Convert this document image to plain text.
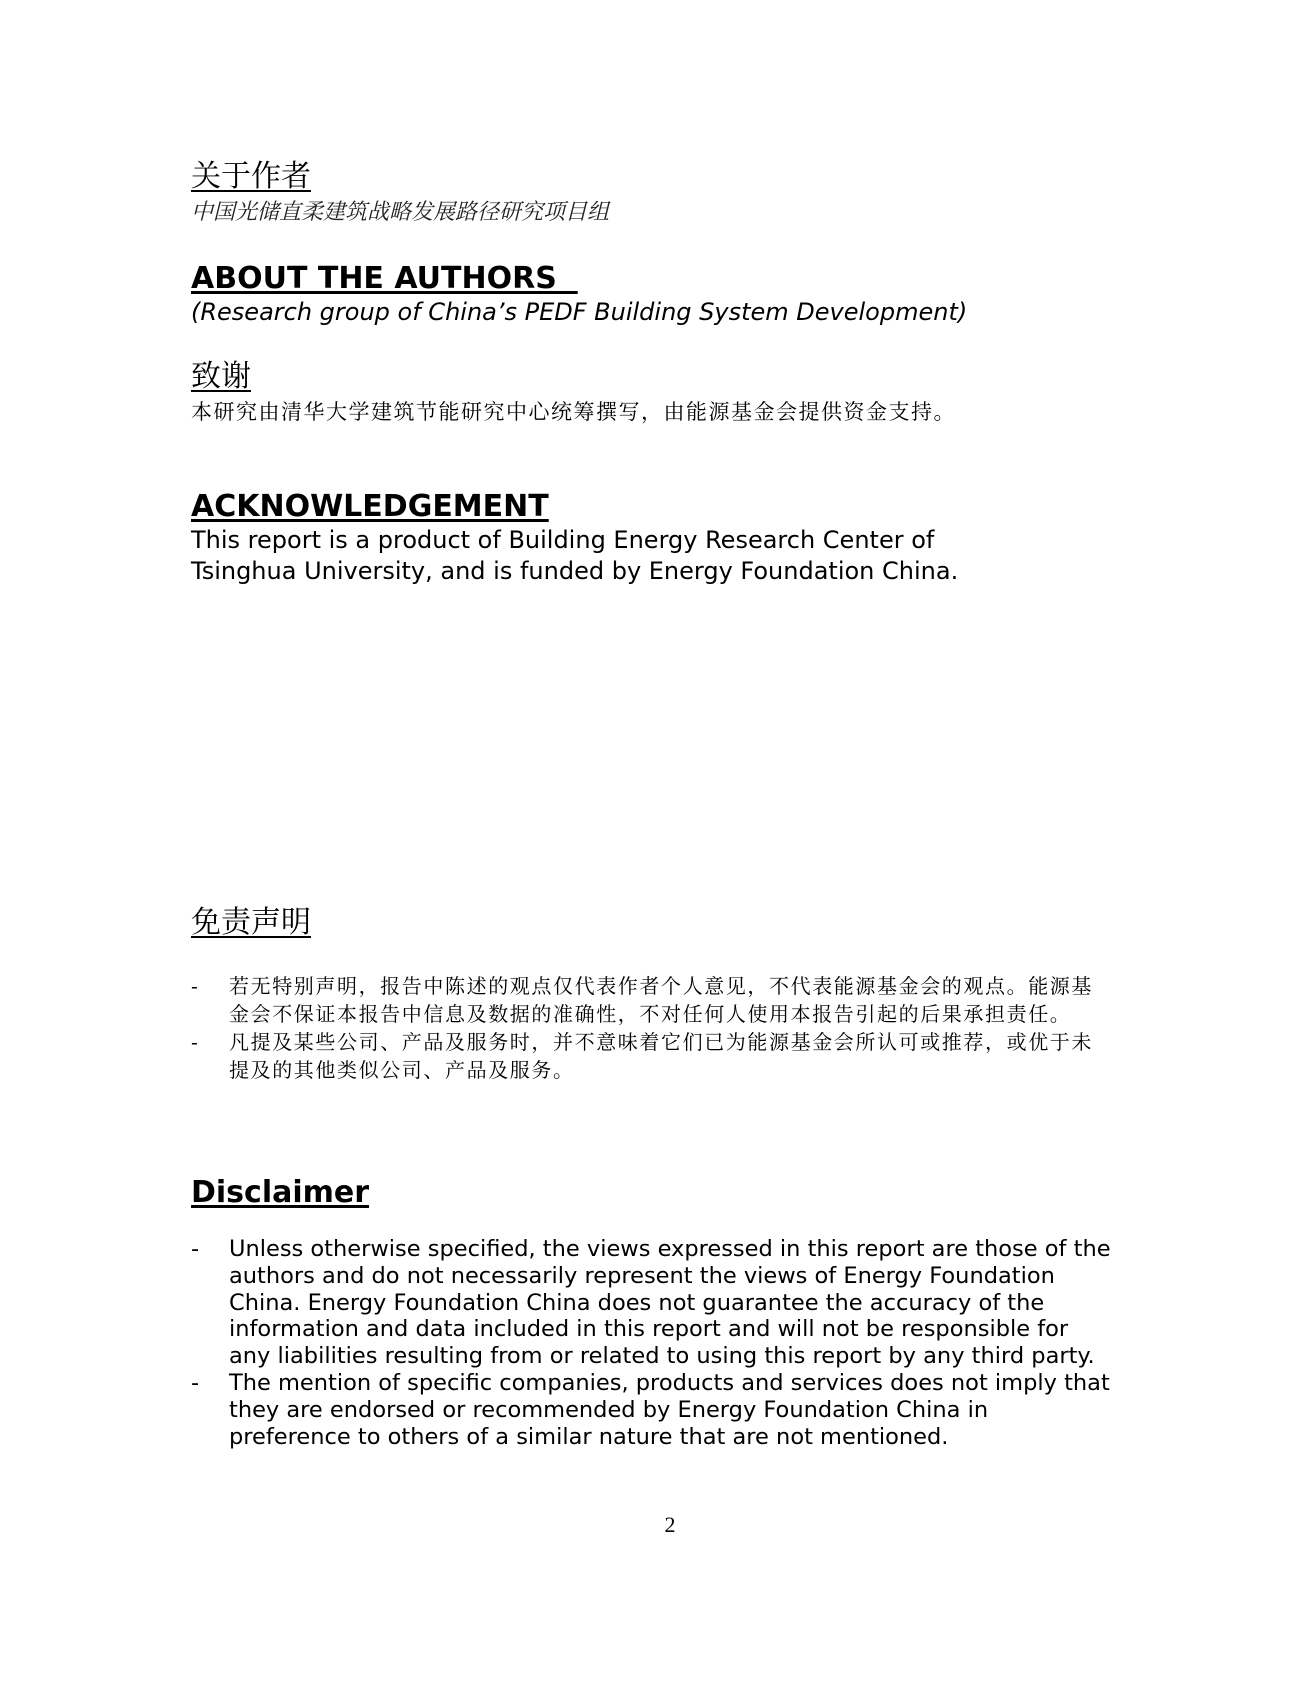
关于作者
中国光储直柔建筑战略发展路径研究项目组
ABOUT THE AUTHORS
(Research group of China’s PEDF Building System Development)
致谢
本研究由清华大学建筑节能研究中心统筹撰写，由能源基金会提供资金支持。
ACKNOWLEDGEMENT
This report is a product of Building Energy Research Center of
Tsinghua University, and is funded by Energy Foundation China.
免责声明
- 若无特别声明，报告中陈述的观点仅代表作者个人意见，不代表能源基金会的观点。能源基金会不保证本报告中信息及数据的准确性，不对任何人使用本报告引起的后果承担责任。
- 凡提及某些公司、产品及服务时，并不意味着它们已为能源基金会所认可或推荐，或优于未提及的其他类似公司、产品及服务。
Disclaimer
- Unless otherwise specified, the views expressed in this report are those of the authors and do not necessarily represent the views of Energy Foundation China. Energy Foundation China does not guarantee the accuracy of the information and data included in this report and will not be responsible for any liabilities resulting from or related to using this report by any third party.
- The mention of specific companies, products and services does not imply that they are endorsed or recommended by Energy Foundation China in preference to others of a similar nature that are not mentioned.
2
